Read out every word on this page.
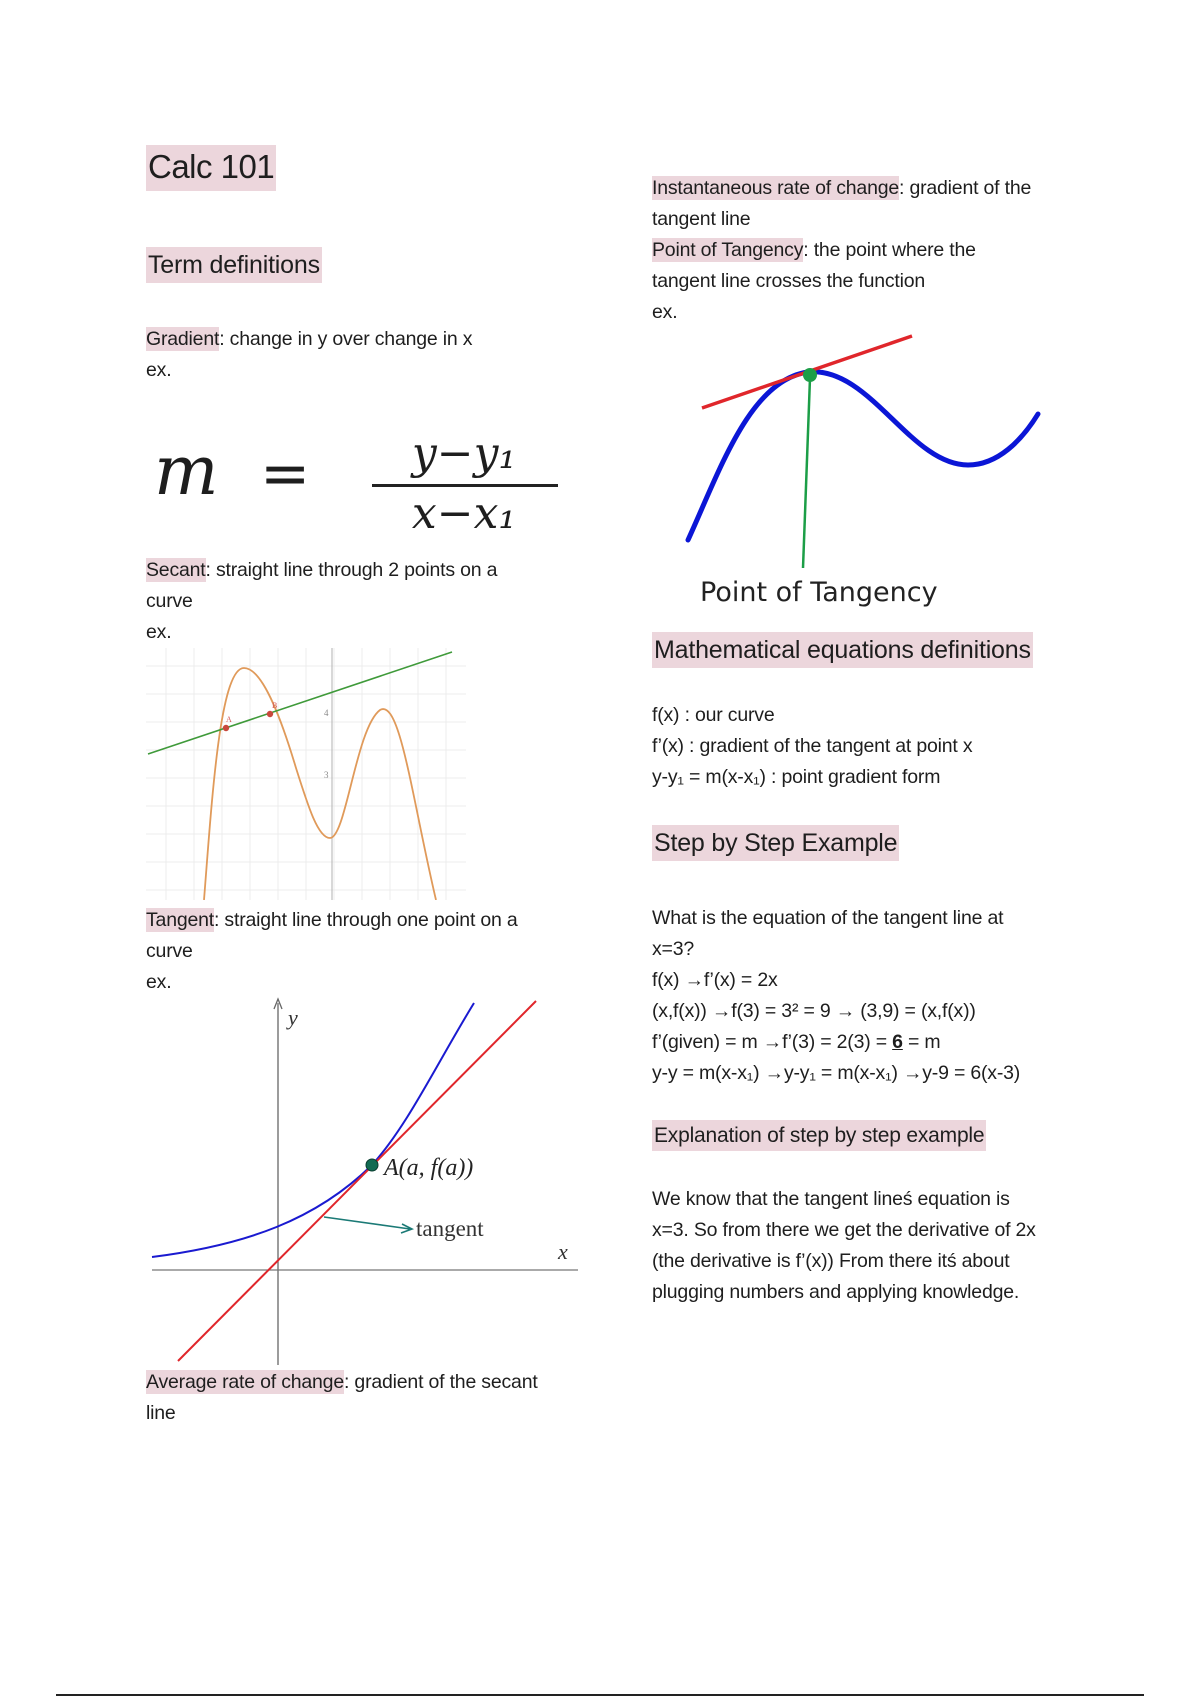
Calc 101
Term definitions
Gradient: change in y over change in x
ex.
m =	y−y₁
x−x₁
Secant: straight line through 2 points on a
curve
ex.
4
3
A
B
Tangent: straight line through one point on a
curve
ex.
y
x
A(a, f(a))
tangent
Average rate of change: gradient of the secant
line
Instantaneous rate of change: gradient of the
tangent line
Point of Tangency: the point where the
tangent line crosses the function
ex.
Point of Tangency
Mathematical equations definitions
f(x) : our curve
f’(x) : gradient of the tangent at point x
y-y₁ = m(x-x₁) : point gradient form
Step by Step Example
What is the equation of the tangent line at
x=3?
f(x) →f’(x) = 2x
(x,f(x)) →f(3) = 3² = 9 → (3,9) = (x,f(x))
f’(given) = m →f’(3) = 2(3) = 6 = m
y-y = m(x-x₁) →y-y₁ = m(x-x₁) →y-9 = 6(x-3)
Explanation of step by step example
We know that the tangent lineś equation is
x=3. So from there we get the derivative of 2x
(the derivative is f’(x)) From there itś about
plugging numbers and applying knowledge.
